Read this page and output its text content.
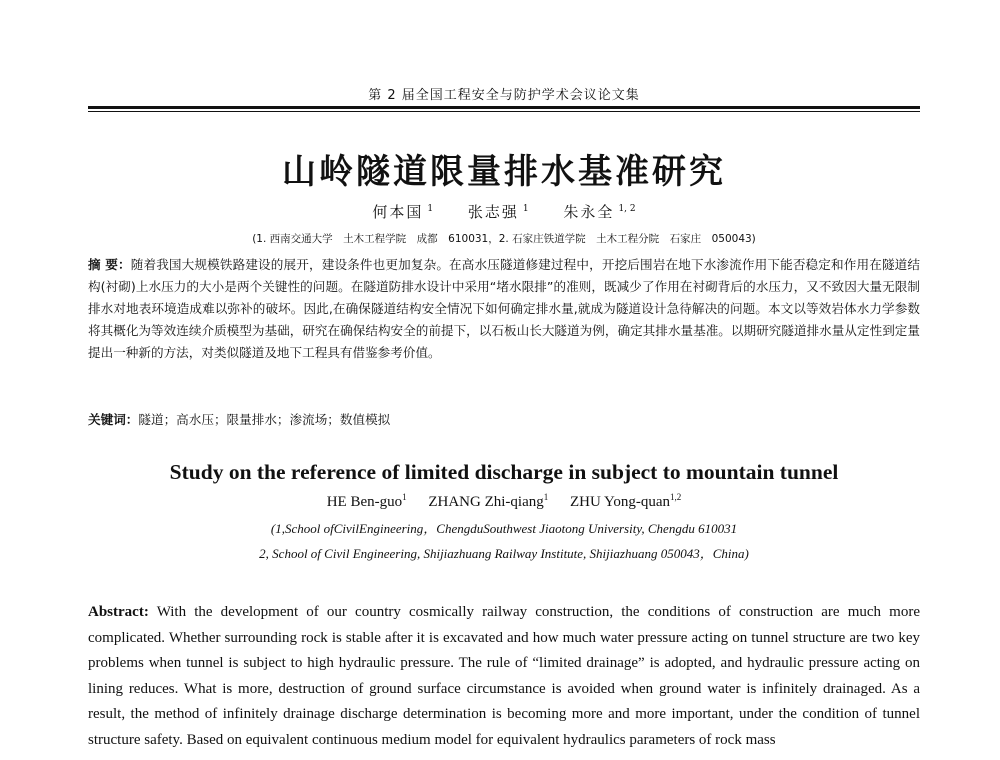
第 2 届全国工程安全与防护学术会议论文集
山岭隧道限量排水基准研究
何本国 $^1$ 张志强 $^1$ 朱永全 $^{1, 2}$
(1. 西南交通大学　土木工程学院　成都　610031，2. 石家庄铁道学院　土木工程分院　石家庄　050043)
摘 要：随着我国大规模铁路建设的展开，建设条件也更加复杂。在高水压隧道修建过程中，开挖后围岩在地下水渗流作用下能否稳定和作用在隧道结构(衬砌)上水压力的大小是两个关键性的问题。在隧道防排水设计中采用“堵水限排”的准则，既减少了作用在衬砌背后的水压力，又不致因大量无限制排水对地表环境造成难以弥补的破坏。因此,在确保隧道结构安全情况下如何确定排水量,就成为隧道设计急待解决的问题。本文以等效岩体水力学参数将其概化为等效连续介质模型为基础，研究在确保结构安全的前提下，以石板山长大隧道为例，确定其排水量基准。以期研究隧道排水量从定性到定量提出一种新的方法，对类似隧道及地下工程具有借鉴参考价值。
关键词：隧道；高水压；限量排水；渗流场；数值模拟
Study on the reference of limited discharge in subject to mountain tunnel
HE Ben-guo$^1$ ZHANG Zhi-qiang$^1$ ZHU Yong-quan$^{1,2}$
(1,School ofCivilEngineering，ChengduSouthwest Jiaotong University, Chengdu 610031
2, School of Civil Engineering, Shijiazhuang Railway Institute, Shijiazhuang 050043，China)
Abstract: With the development of our country cosmically railway construction, the conditions of construction are much more complicated. Whether surrounding rock is stable after it is excavated and how much water pressure acting on tunnel structure are two key problems when tunnel is subject to high hydraulic pressure. The rule of “limited drainage” is adopted, and hydraulic pressure acting on lining reduces. What is more, destruction of ground surface circumstance is avoided when ground water is infinitely drainaged. As a result, the method of infinitely drainage discharge determination is becoming more and more important, under the condition of tunnel structure safety. Based on equivalent continuous medium model for equivalent hydraulics parameters of rock mass
